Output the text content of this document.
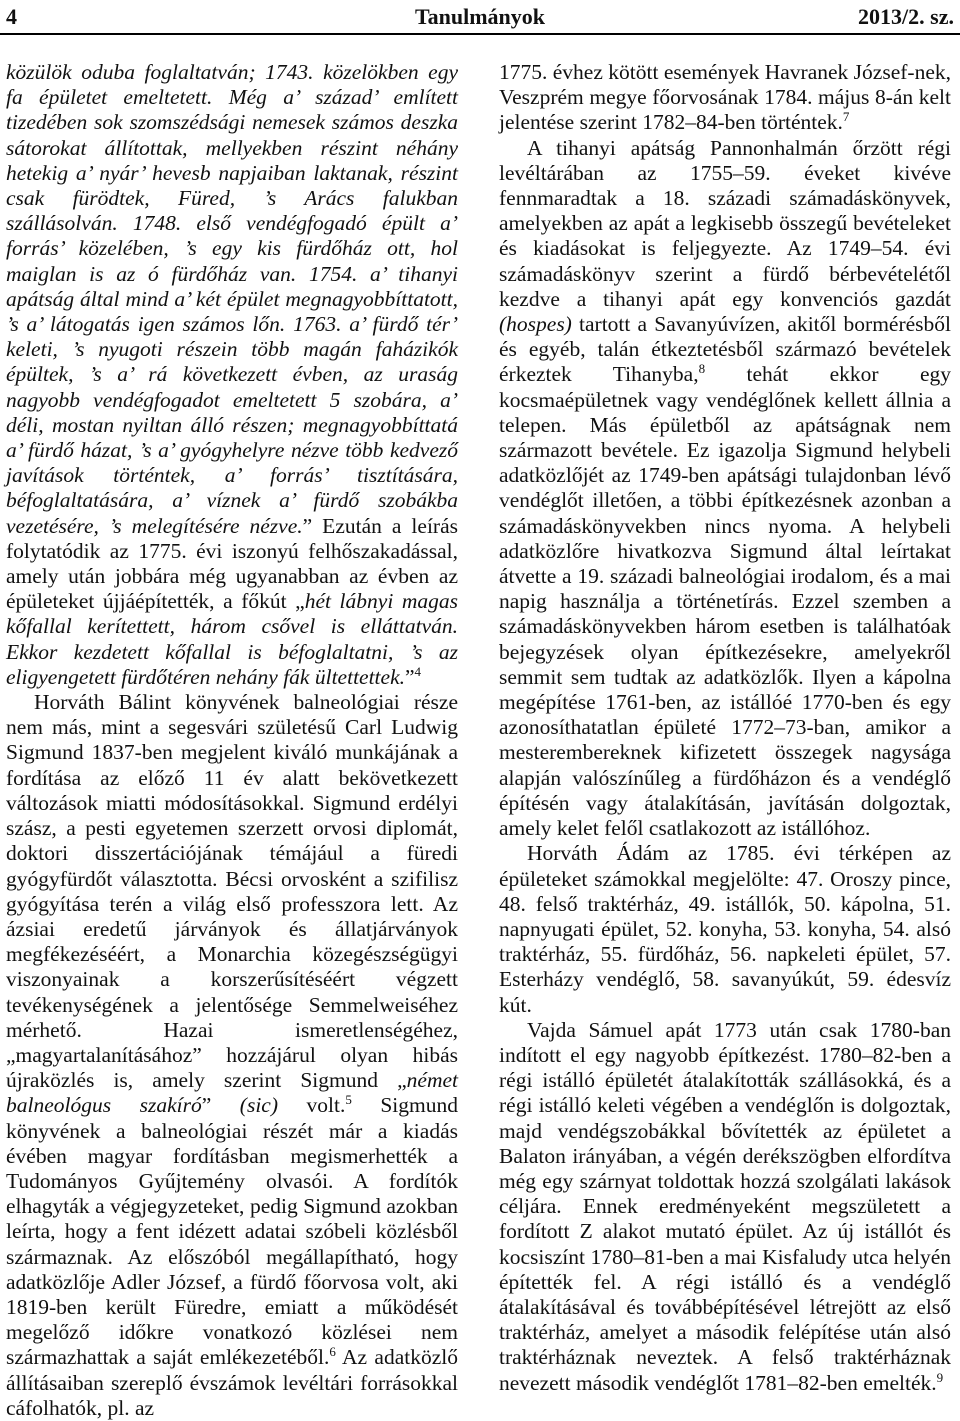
4	Tanulmányok	2013/2. sz.

közülök oduba foglaltatván; 1743. közelökben egy fa épületet emeltetett. Még a’ század’ említett tizedében sok szomszédsági nemesek számos deszka sátorokat állítottak, mellyekben részint néhány hetekig a’ nyár’ hevesb napjaiban laktanak, részint csak fürödtek, Füred, ’s Arács falukban szállásolván. 1748. első vendégfogadó épült a’ forrás’ közelében, ’s egy kis fürdőház ott, hol maiglan is az ó fürdőház van. 1754. a’ tihanyi apátság által mind a’ két épület megnagyobbíttatott, ’s a’ látogatás igen számos lőn. 1763. a’ fürdő tér’ keleti, ’s nyugoti részein több magán faházikók épültek, ’s a’ rá következett évben, az uraság nagyobb vendégfogadot emeltetett 5 szobára, a’ déli, mostan nyiltan álló részen; megnagyobbíttatá a’ fürdő házat, ’s a’ gyógyhelyre nézve több kedvező javítások történtek, a’ forrás’ tisztítására, béfoglaltatására, a’ víznek a’ fürdő szobákba vezetésére, ’s melegítésére nézve.” Ezután a leírás folytatódik az 1775. évi iszonyú felhőszakadással, amely után jobbára még ugyanabban az évben az épületeket újjáépítették, a főkút „hét lábnyi magas kőfallal kerítettett, három csővel is elláttatván. Ekkor kezdetett kőfallal is béfoglaltatni, ’s az eligyengetett fürdőtéren nehány fák ültettettek.”$^4$

Horváth Bálint könyvének balneológiai része nem más, mint a segesvári születésű Carl Ludwig Sigmund 1837-ben megjelent kiváló munkájának a fordítása az előző 11 év alatt bekövetkezett változások miatti módosításokkal. Sigmund erdélyi szász, a pesti egyetemen szerzett orvosi diplomát, doktori disszertációjának témájául a füredi gyógyfürdőt választotta. Bécsi orvosként a szifilisz gyógyítása terén a világ első professzora lett. Az ázsiai eredetű járványok és állatjárványok megfékezéséért, a Monarchia közegészségügyi viszonyainak a korszerűsítéséért végzett tevékenységének a jelentősége Semmelweiséhez mérhető. Hazai ismeretlenségéhez, „magyartalanításához” hozzájárul olyan hibás újraközlés is, amely szerint Sigmund „német balneológus szakíró” (sic) volt.$^5$ Sigmund könyvének a balneológiai részét már a kiadás évében magyar fordításban megismerhették a Tudományos Gyűjtemény olvasói. A fordítók elhagyták a végjegyzeteket, pedig Sigmund azokban leírta, hogy a fent idézett adatai szóbeli közlésből származnak. Az előszóból megállapítható, hogy adatközlője Adler József, a fürdő főorvosa volt, aki 1819-ben került Füredre, emiatt a működését megelőző időkre vonatkozó közlései nem származhattak a saját emlékezetéből.$^6$ Az adatközlő állításaiban szereplő évszámok levéltári forrásokkal cáfolhatók, pl. az

1775. évhez kötött események Havranek József-nek, Veszprém megye főorvosának 1784. május 8-án kelt jelentése szerint 1782–84-ben történtek.$^7$

A tihanyi apátság Pannonhalmán őrzött régi levéltárában az 1755–59. éveket kivéve fennmaradtak a 18. századi számadáskönyvek, amelyekben az apát a legkisebb összegű bevételeket és kiadásokat is feljegyezte. Az 1749–54. évi számadáskönyv szerint a fürdő bérbevételétől kezdve a tihanyi apát egy konvenciós gazdát (hospes) tartott a Savanyúvízen, akitől bormérésből és egyéb, talán étkeztetésből származó bevételek érkeztek Tihanyba,$^8$ tehát ekkor egy kocsmaépületnek vagy vendéglőnek kellett állnia a telepen. Más épületből az apátságnak nem származott bevétele. Ez igazolja Sigmund helybeli adatközlőjét az 1749-ben apátsági tulajdonban lévő vendéglőt illetően, a többi építkezésnek azonban a számadáskönyvekben nincs nyoma. A helybeli adatközlőre hivatkozva Sigmund által leírtakat átvette a 19. századi balneológiai irodalom, és a mai napig használja a történetírás. Ezzel szemben a számadáskönyvekben három esetben is találhatóak bejegyzések olyan építkezésekre, amelyekről semmit sem tudtak az adatközlők. Ilyen a kápolna megépítése 1761-ben, az istállóé 1770-ben és egy azonosíthatatlan épületé 1772–73-ban, amikor a mesterembereknek kifizetett összegek nagysága alapján valószínűleg a fürdőházon és a vendéglő építésén vagy átalakításán, javításán dolgoztak, amely kelet felől csatlakozott az istállóhoz.

Horváth Ádám az 1785. évi térképen az épületeket számokkal megjelölte: 47. Oroszy pince, 48. felső traktérház, 49. istállók, 50. kápolna, 51. napnyugati épület, 52. konyha, 53. konyha, 54. alsó traktérház, 55. fürdőház, 56. napkeleti épület, 57. Esterházy vendéglő, 58. savanyúkút, 59. édesvíz kút.

Vajda Sámuel apát 1773 után csak 1780-ban indított el egy nagyobb építkezést. 1780–82-ben a régi istálló épületét átalakították szállásokká, és a régi istálló keleti végében a vendéglőn is dolgoztak, majd vendégszobákkal bővítették az épületet a Balaton irányában, a végén derékszögben elfordítva még egy szárnyat toldottak hozzá szolgálati lakások céljára. Ennek eredményeként megszületett a fordított Z alakot mutató épület. Az új istállót és kocsiszínt 1780–81-ben a mai Kisfaludy utca helyén építették fel. A régi istálló és a vendéglő átalakításával és továbbépítésével létrejött az első traktérház, amelyet a második felépítése után alsó traktérháznak neveztek. A felső traktérháznak nevezett második vendéglőt 1781–82-ben emelték.$^9$
